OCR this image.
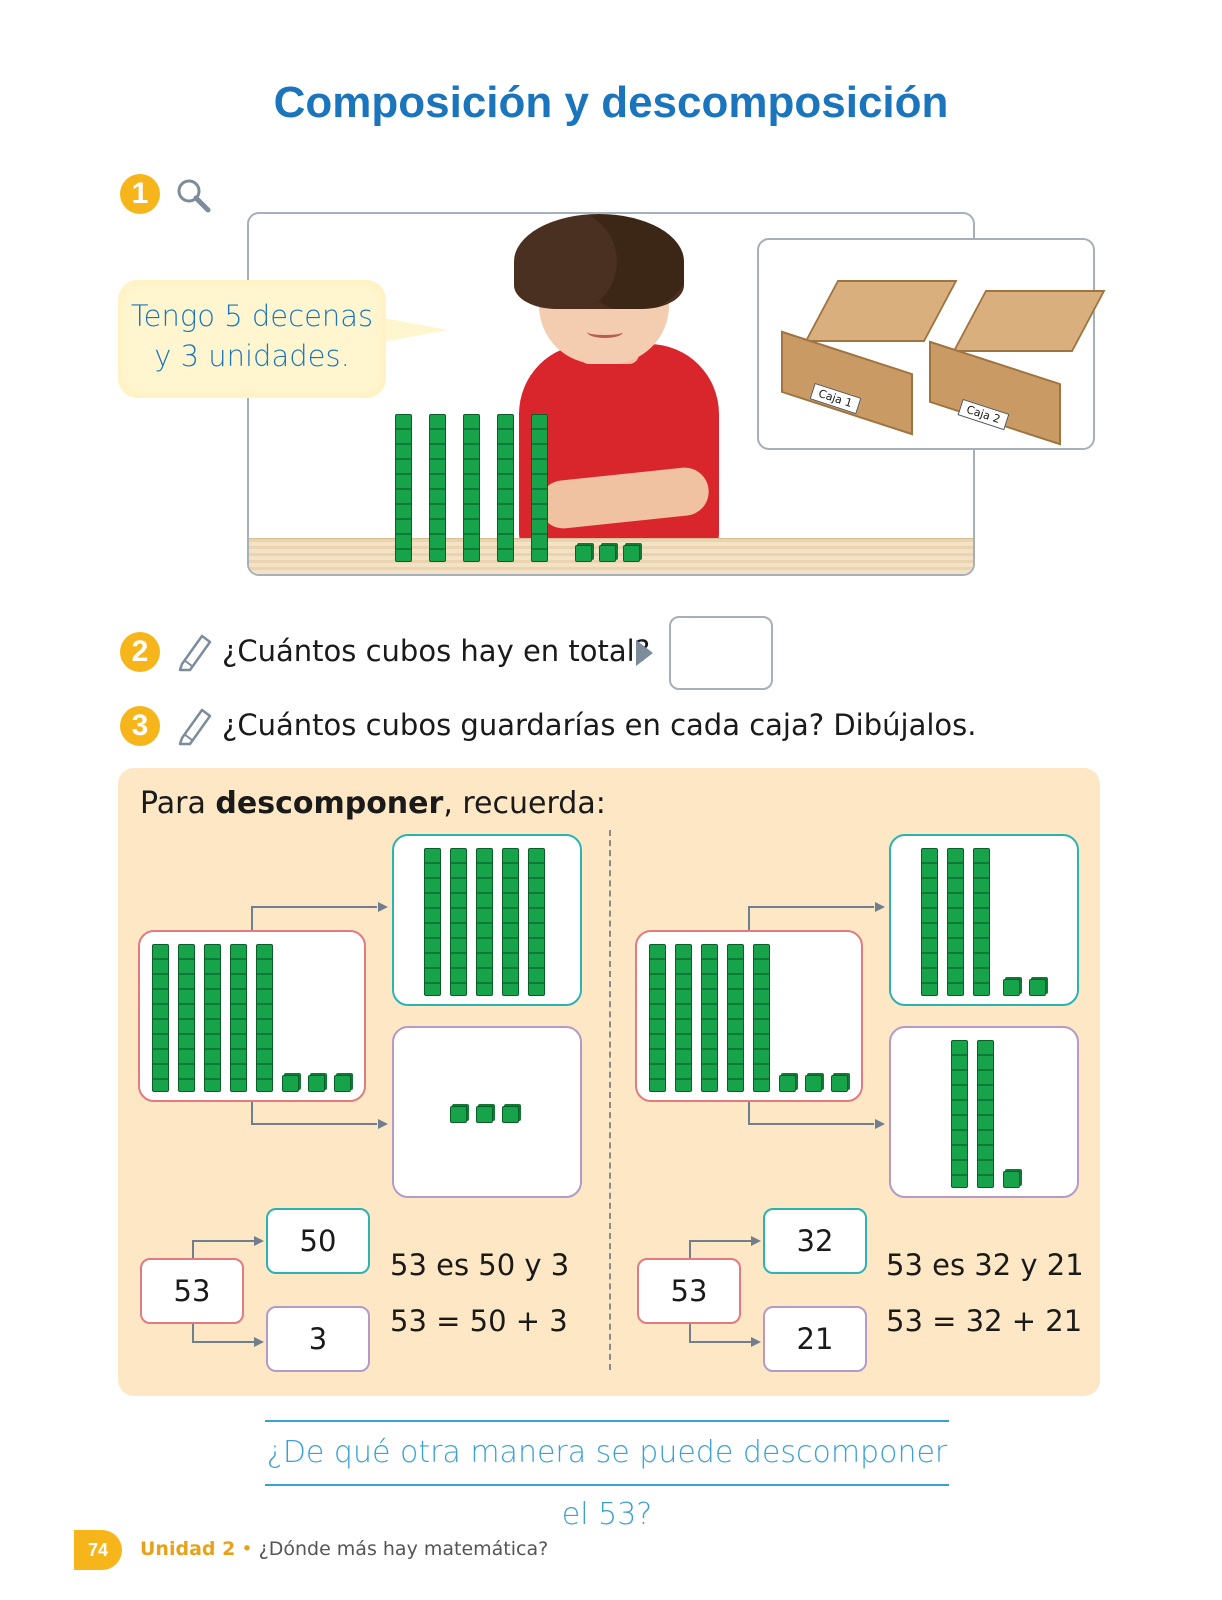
Composición y descomposición
1
Tengo 5 decenas
y 3 unidades.
Caja 1
Caja 2
2	¿Cuántos cubos hay en total?
3	¿Cuántos cubos guardarías en cada caja? Dibújalos.
Para descomponer, recuerda:
53
50
3
53 es 50 y 3
53 = 50 + 3
53
32
21
53 es 32 y 21
53 = 32 + 21
¿De qué otra manera se puede descomponer el 53?
74	Unidad 2 • ¿Dónde más hay matemática?
